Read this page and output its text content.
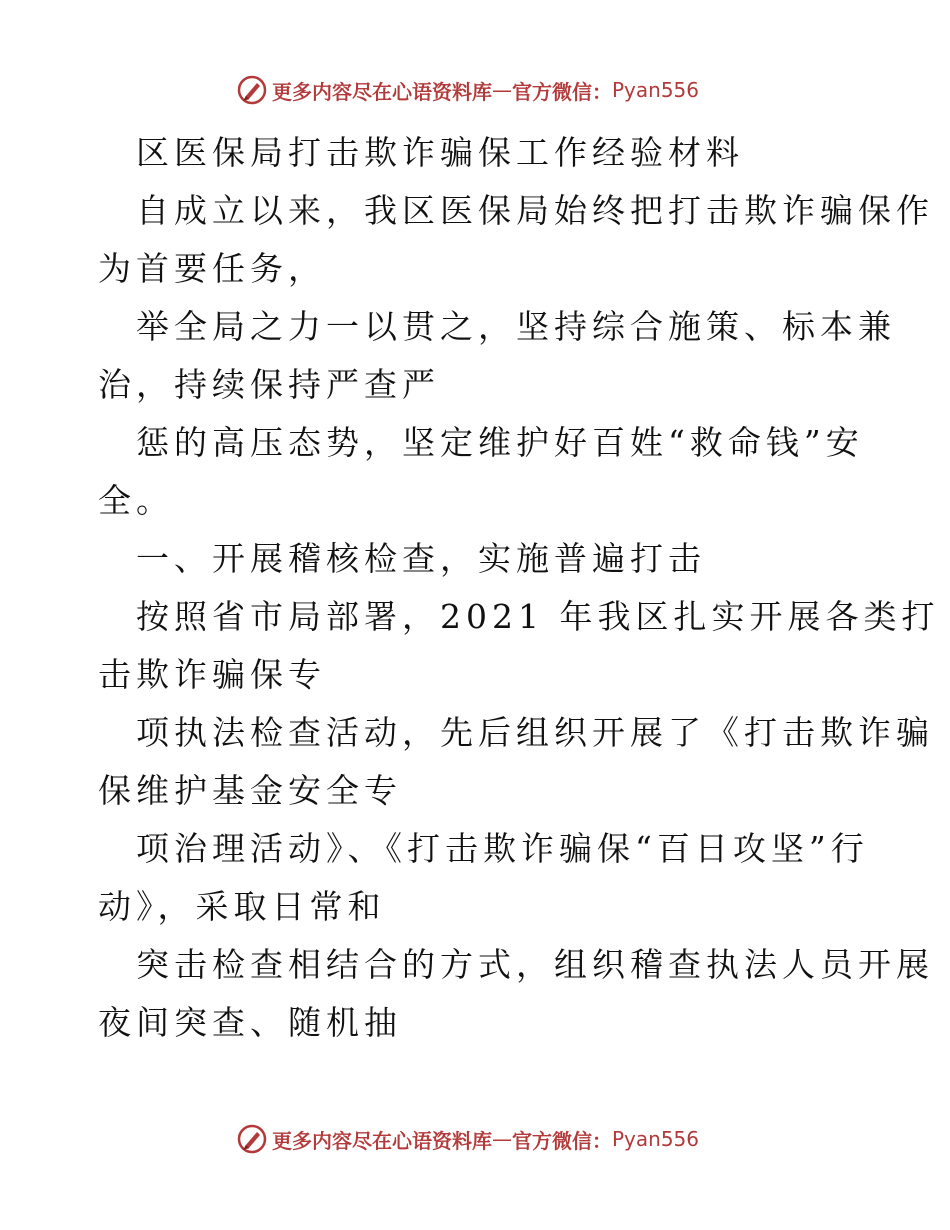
更多内容尽在心语资料库 — 官方微信： Pyan556
区医保局打击欺诈骗保工作经验材料
自成立以来，我区医保局始终把打击欺诈骗保作
为首要任务，
举全局之力一以贯之，坚持综合施策、标本兼
治，持续保持严查严
惩的高压态势，坚定维护好百姓“救命钱”安
全。
一、开展稽核检查，实施普遍打击
按照省市局部署，2021 年我区扎实开展各类打
击欺诈骗保专
项执法检查活动，先后组织开展了《打击欺诈骗
保维护基金安全专
项治理活动》、《打击欺诈骗保“百日攻坚”行
动》，采取日常和
突击检查相结合的方式，组织稽查执法人员开展
夜间突查、随机抽
更多内容尽在心语资料库 — 官方微信： Pyan556
